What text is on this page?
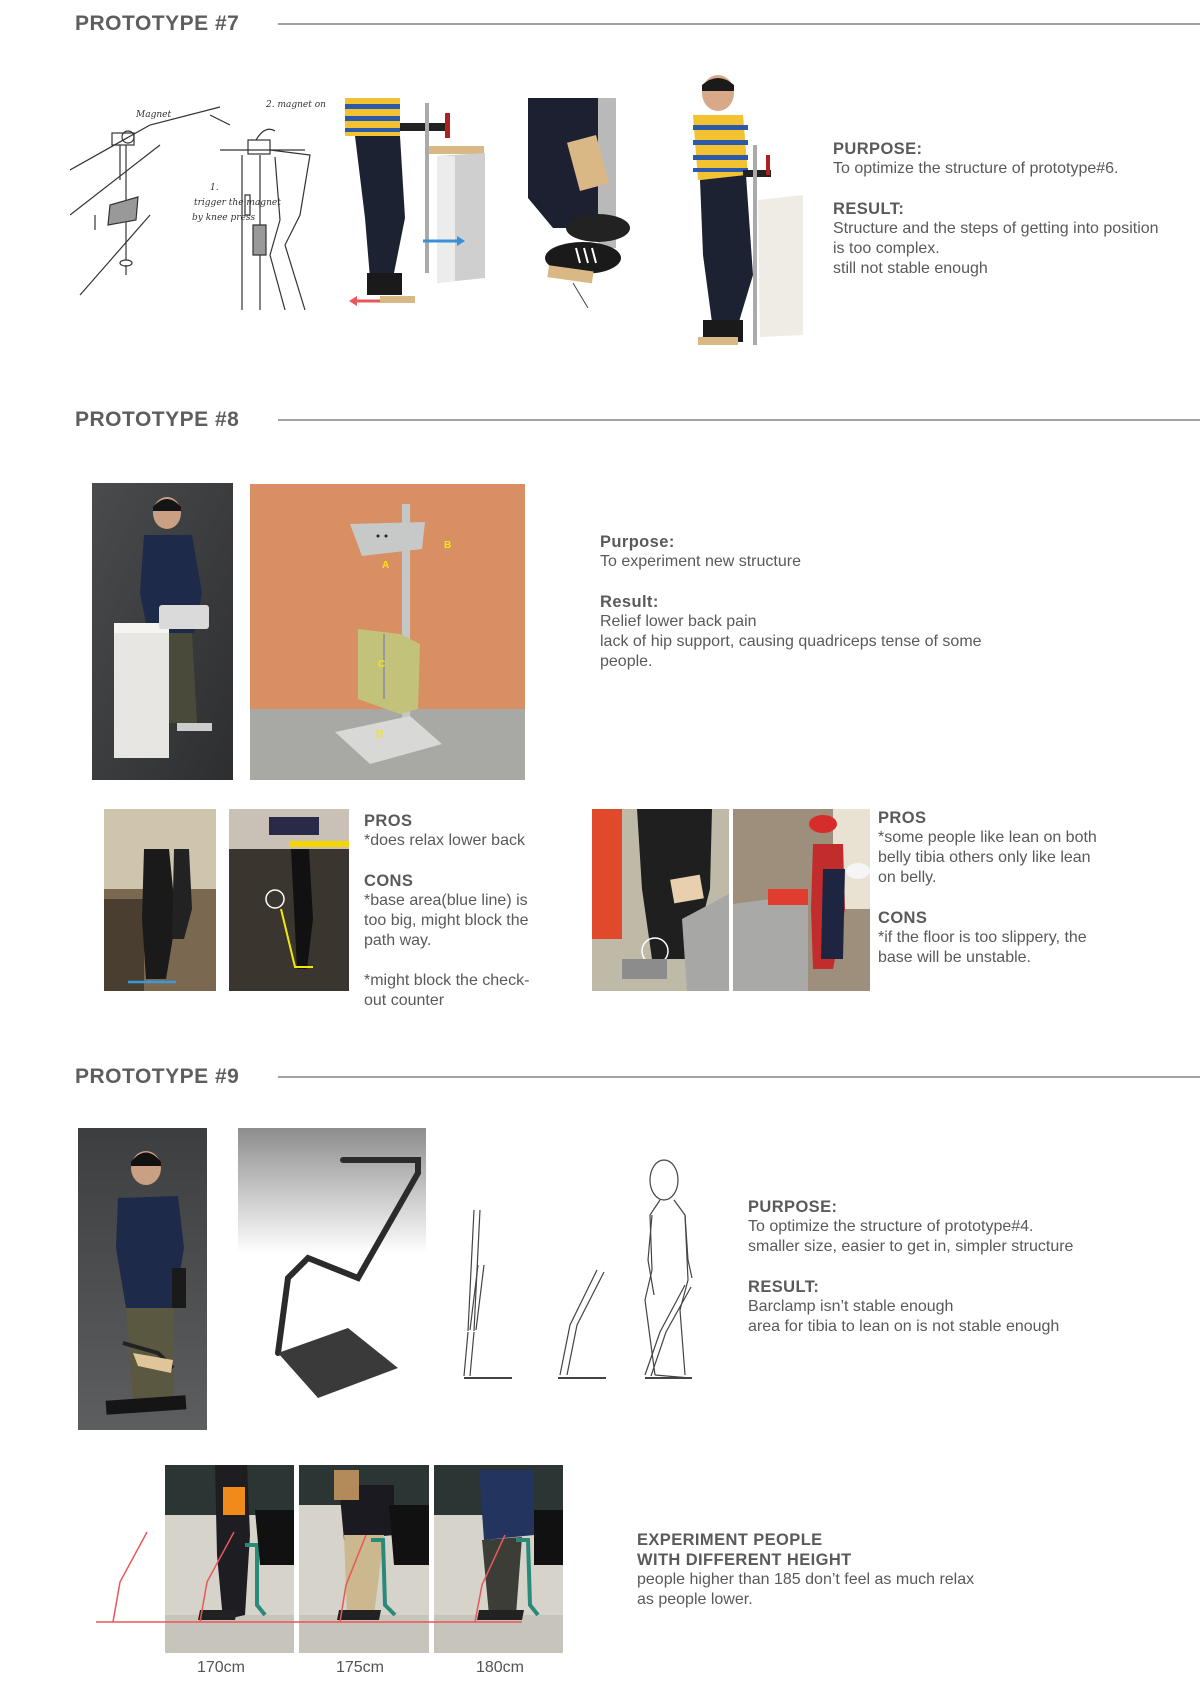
PROTOTYPE #7
Magnet
2. magnet on
1.
trigger the magnet
by knee press
PURPOSE:
To optimize the structure of prototype#6.
RESULT:
Structure and the steps of getting into position
is too complex.
still not stable enough
PROTOTYPE #8
A
B
C
D
Purpose:
To experiment new structure
Result:
Relief lower back pain
lack of hip support, causing quadriceps tense of some
people.
PROS
*does relax lower back
CONS
*base area(blue line) is
too big, might block the
path way.
*might block the check-
out counter
PROS
*some people like lean on both
belly tibia others only like lean
on belly.
CONS
*if the floor is too slippery, the
base will be unstable.
PROTOTYPE #9
PURPOSE:
To optimize the structure of prototype#4.
smaller size, easier to get in, simpler structure
RESULT:
Barclamp isn’t stable enough
area for tibia to lean on is not stable enough
170cm	175cm	180cm
EXPERIMENT PEOPLE
WITH DIFFERENT HEIGHT
people higher than 185 don’t feel as much relax
as people lower.
